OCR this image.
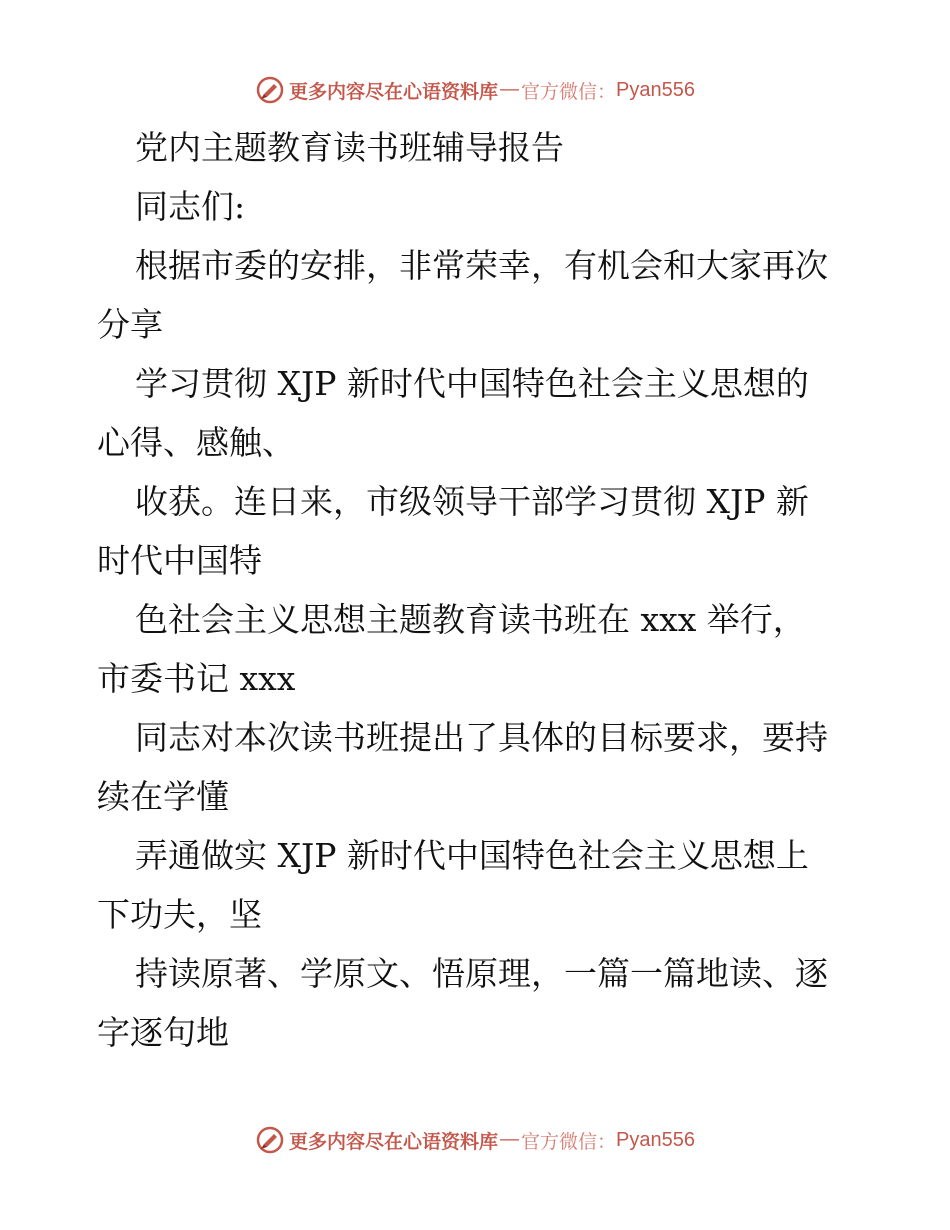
更多内容尽在心语资料库 — 官方微信： Pyan556
党内主题教育读书班辅导报告
同志们:
根据市委的安排，非常荣幸，有机会和大家再次
分享
学习贯彻 XJP 新时代中国特色社会主义思想的
心得、感触、
收获。连日来，市级领导干部学习贯彻 XJP 新
时代中国特
色社会主义思想主题教育读书班在 xxx 举行，
市委书记 xxx
同志对本次读书班提出了具体的目标要求，要持
续在学懂
弄通做实 XJP 新时代中国特色社会主义思想上
下功夫，坚
持读原著、学原文、悟原理，一篇一篇地读、逐
字逐句地
更多内容尽在心语资料库 — 官方微信： Pyan556
